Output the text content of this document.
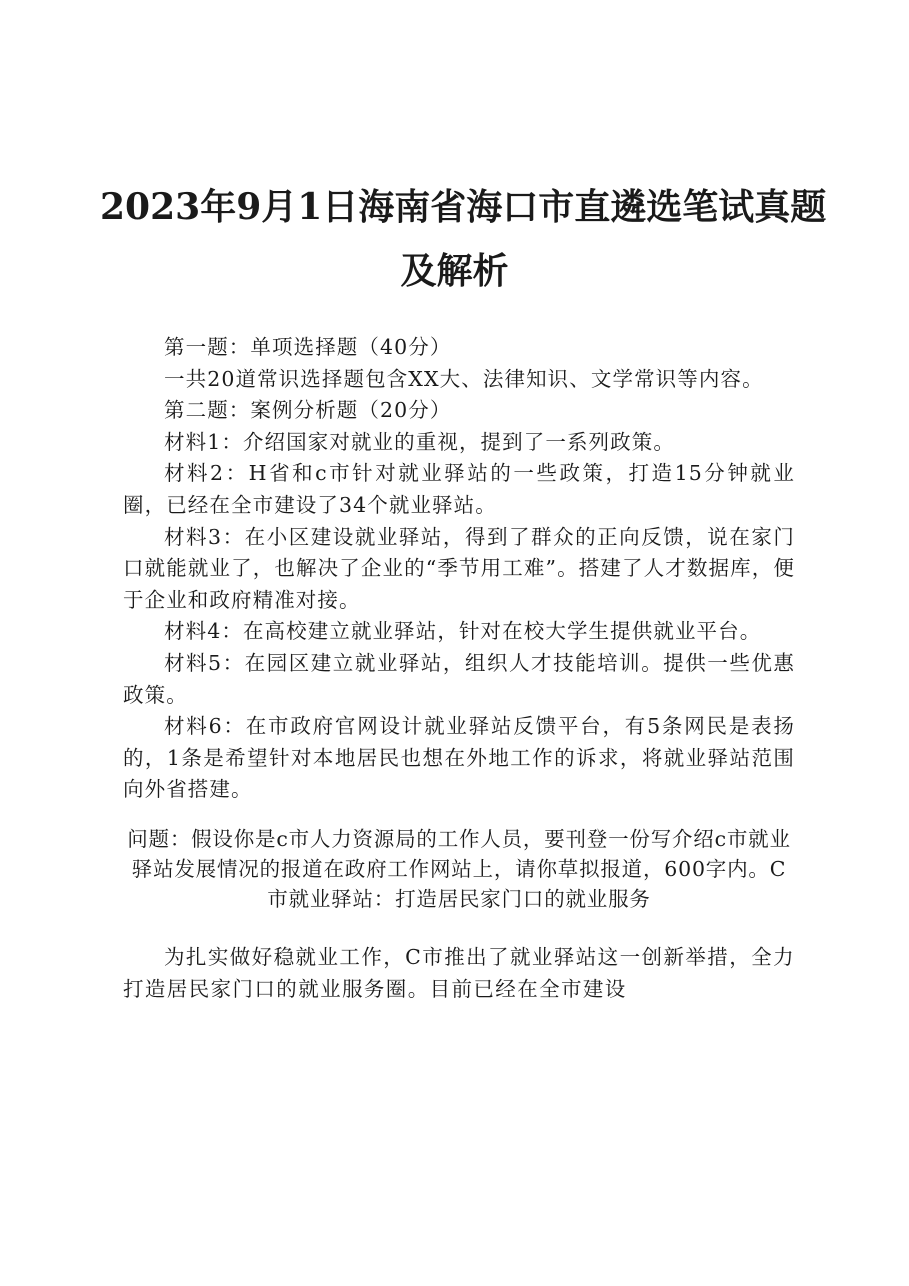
2023年9月1日海南省海口市直遴选笔试真题
及解析

第一题：单项选择题（40分）

一共20道常识选择题包含XX大、法律知识、文学常识等内容。

第二题：案例分析题（20分）

材料1：介绍国家对就业的重视，提到了一系列政策。

材料2：H省和c市针对就业驿站的一些政策，打造15分钟就业圈，已经在全市建设了34个就业驿站。

材料3：在小区建设就业驿站，得到了群众的正向反馈，说在家门口就能就业了，也解决了企业的“季节用工难”。搭建了人才数据库，便于企业和政府精准对接。

材料4：在高校建立就业驿站，针对在校大学生提供就业平台。

材料5：在园区建立就业驿站，组织人才技能培训。提供一些优惠政策。

材料6：在市政府官网设计就业驿站反馈平台，有5条网民是表扬的，1条是希望针对本地居民也想在外地工作的诉求，将就业驿站范围向外省搭建。

问题：假设你是c市人力资源局的工作人员，要刊登一份写介绍c市就业驿站发展情况的报道在政府工作网站上，请你草拟报道，600字内。C市就业驿站：打造居民家门口的就业服务

为扎实做好稳就业工作，C市推出了就业驿站这一创新举措，全力打造居民家门口的就业服务圈。目前已经在全市建设
